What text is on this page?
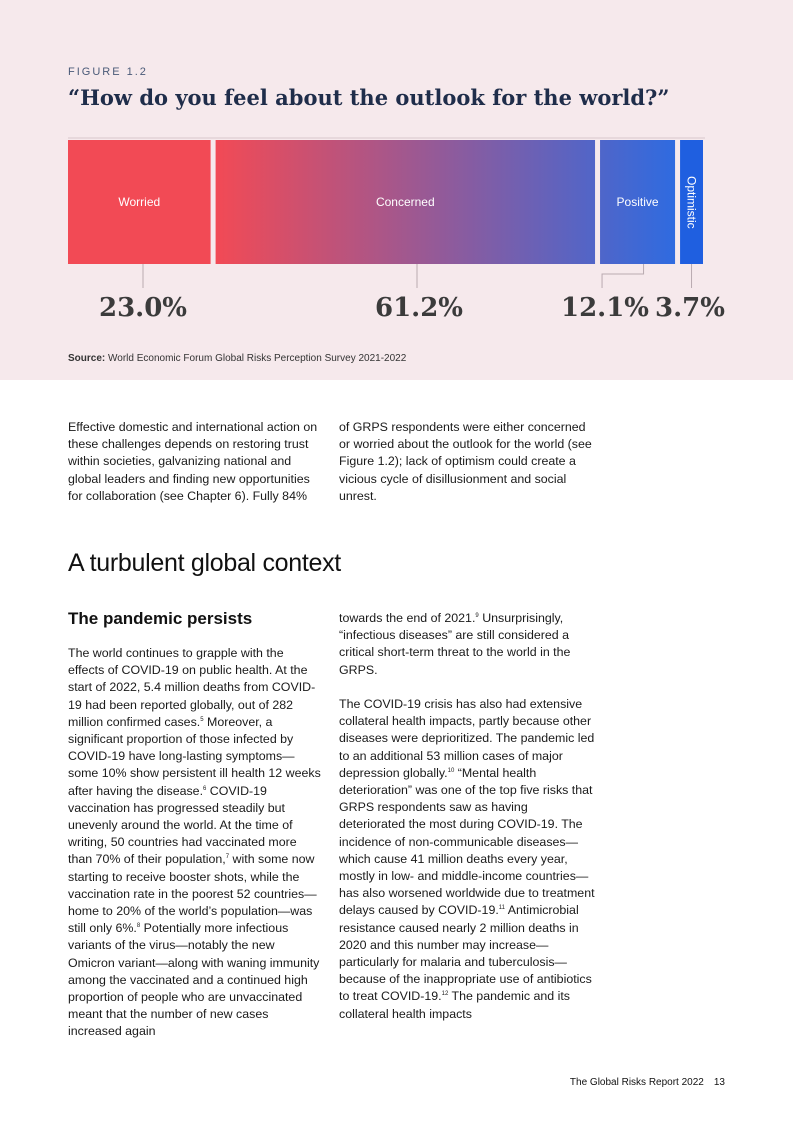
FIGURE 1.2
“How do you feel about the outlook for the world?”
Worried	Concerned	Positive Optimistic
23.0%	61.2%	12.1% 3.7%
Source: World Economic Forum Global Risks Perception Survey 2021-2022
Effective domestic and international action on these challenges depends on restoring trust within societies, galvanizing national and global leaders and finding new opportunities for collaboration (see Chapter 6). Fully 84%
of GRPS respondents were either concerned or worried about the outlook for the world (see Figure 1.2); lack of optimism could create a vicious cycle of disillusionment and social unrest.
A turbulent global context
The pandemic persists

The world continues to grapple with the effects of COVID-19 on public health. At the start of 2022, 5.4 million deaths from COVID-19 had been reported globally, out of 282 million confirmed cases.$^5$ Moreover, a significant proportion of those infected by COVID-19 have long-lasting symptoms—some 10% show persistent ill health 12 weeks after having the disease.$^6$ COVID-19 vaccination has progressed steadily but unevenly around the world. At the time of writing, 50 countries had vaccinated more than 70% of their population,$^7$ with some now starting to receive booster shots, while the vaccination rate in the poorest 52 countries—home to 20% of the world’s population—was still only 6%.$^8$ Potentially more infectious variants of the virus—notably the new Omicron variant—along with waning immunity among the vaccinated and a continued high proportion of people who are unvaccinated meant that the number of new cases increased again

towards the end of 2021.$^9$ Unsurprisingly, “infectious diseases” are still considered a critical short-term threat to the world in the GRPS.

The COVID-19 crisis has also had extensive collateral health impacts, partly because other diseases were deprioritized. The pandemic led to an additional 53 million cases of major depression globally.$^{10}$ “Mental health deterioration” was one of the top five risks that GRPS respondents saw as having deteriorated the most during COVID-19. The incidence of non-communicable diseases—which cause 41 million deaths every year, mostly in low- and middle-income countries—has also worsened worldwide due to treatment delays caused by COVID-19.11 Antimicrobial resistance caused nearly 2 million deaths in 2020 and this number may increase—particularly for malaria and tuberculosis—because of the inappropriate use of antibiotics to treat COVID-19.12 The pandemic and its collateral health impacts

The Global Risks Report 2022 13
